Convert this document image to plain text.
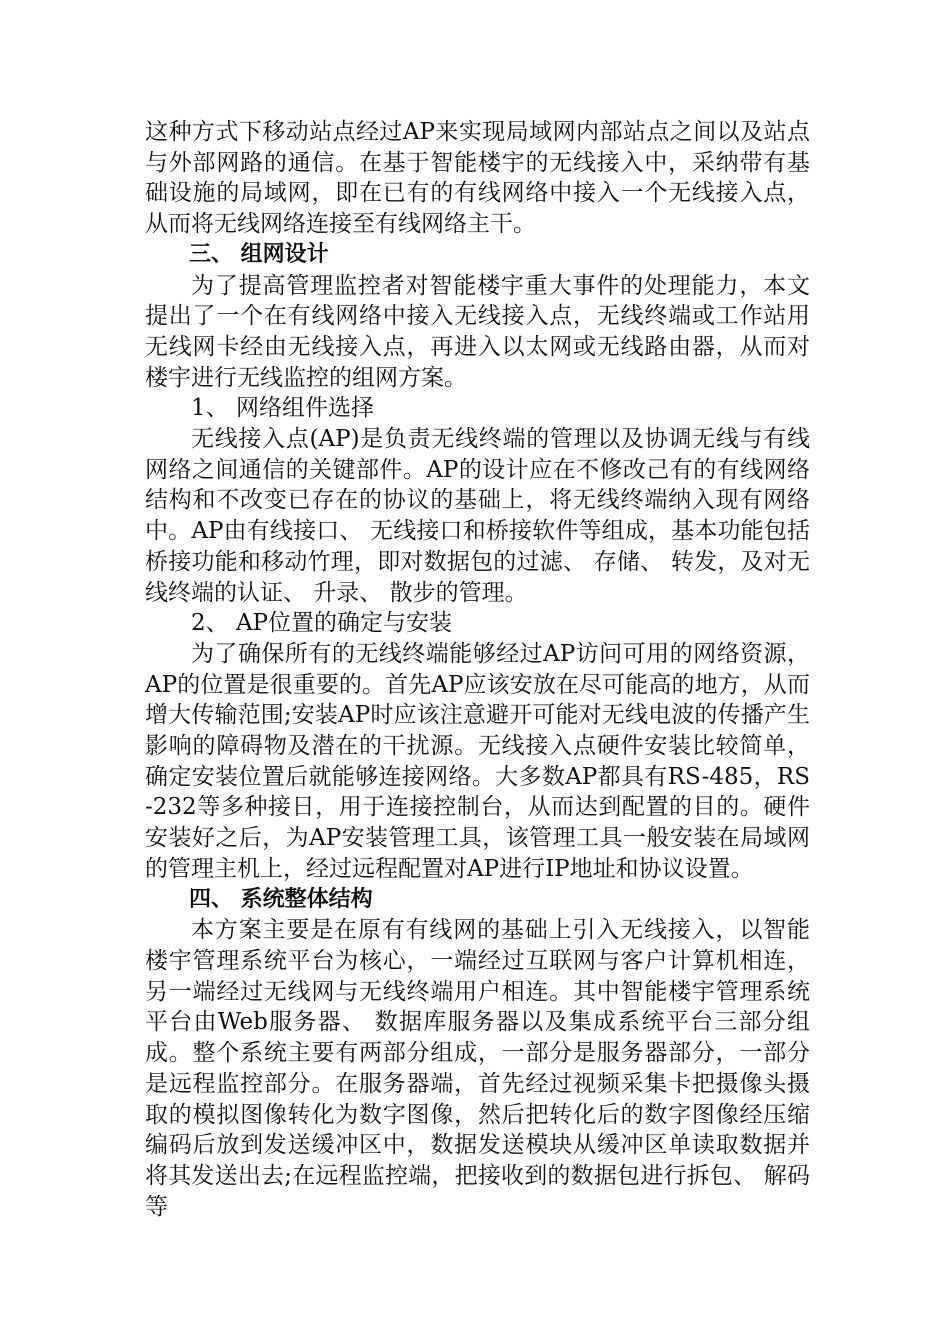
这种方式下移动站点经过AP来实现局域网内部站点之间以及站点与外部网路的通信。在基于智能楼宇的无线接入中，采纳带有基础设施的局域网，即在已有的有线网络中接入一个无线接入点，从而将无线网络连接至有线网络主干。

三、 组网设计

为了提高管理监控者对智能楼宇重大事件的处理能力，本文提出了一个在有线网络中接入无线接入点，无线终端或工作站用无线网卡经由无线接入点，再进入以太网或无线路由器，从而对楼宇进行无线监控的组网方案。

1、 网络组件选择

无线接入点(AP)是负责无线终端的管理以及协调无线与有线网络之间通信的关键部件。AP的设计应在不修改己有的有线网络结构和不改变已存在的协议的基础上，将无线终端纳入现有网络中。AP由有线接口、 无线接口和桥接软件等组成，基本功能包括桥接功能和移动竹理，即对数据包的过滤、 存储、 转发，及对无线终端的认证、 升录、 散步的管理。

2、 AP位置的确定与安装

为了确保所有的无线终端能够经过AP访问可用的网络资源，AP的位置是很重要的。首先AP应该安放在尽可能高的地方，从而增大传输范围;安装AP时应该注意避开可能对无线电波的传播产生影响的障碍物及潜在的干扰源。无线接入点硬件安装比较简单，确定安装位置后就能够连接网络。大多数AP都具有RS-485，RS-232等多种接日，用于连接控制台，从而达到配置的目的。硬件安装好之后，为AP安装管理工具，该管理工具一般安装在局域网的管理主机上，经过远程配置对AP进行IP地址和协议设置。

四、 系统整体结构

本方案主要是在原有有线网的基础上引入无线接入，以智能楼宇管理系统平台为核心，一端经过互联网与客户计算机相连，另一端经过无线网与无线终端用户相连。其中智能楼宇管理系统平台由Web服务器、 数据库服务器以及集成系统平台三部分组成。整个系统主要有两部分组成，一部分是服务器部分，一部分是远程监控部分。在服务器端，首先经过视频采集卡把摄像头摄取的模拟图像转化为数字图像，然后把转化后的数字图像经压缩编码后放到发送缓冲区中，数据发送模块从缓冲区单读取数据并将其发送出去;在远程监控端，把接收到的数据包进行拆包、 解码等
